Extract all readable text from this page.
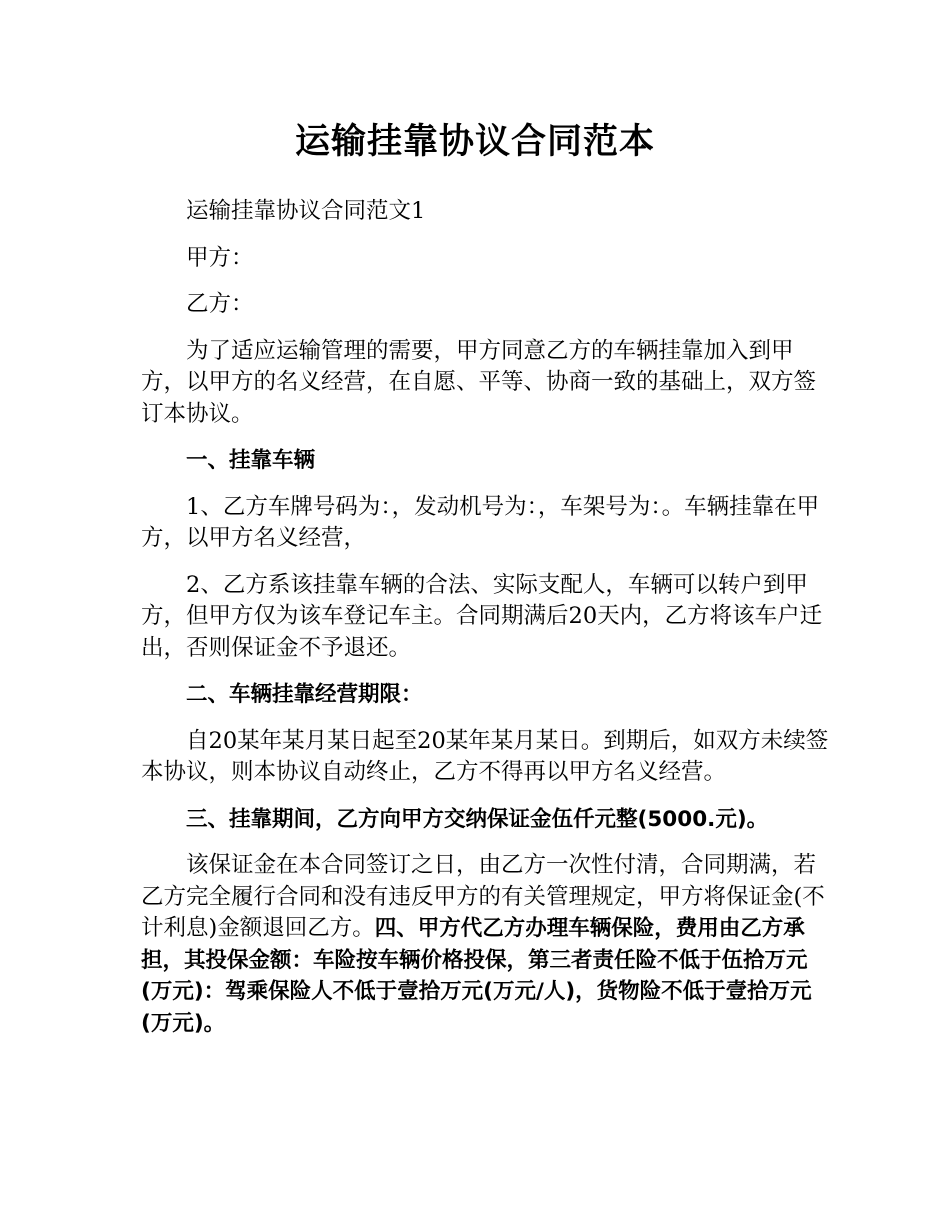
运输挂靠协议合同范本

运输挂靠协议合同范文1

甲方：

乙方：

为了适应运输管理的需要，甲方同意乙方的车辆挂靠加入到甲方，以甲方的名义经营，在自愿、平等、协商一致的基础上，双方签订本协议。

一、挂靠车辆

1、乙方车牌号码为：，发动机号为：，车架号为：。车辆挂靠在甲方，以甲方名义经营，

2、乙方系该挂靠车辆的合法、实际支配人，车辆可以转户到甲方，但甲方仅为该车登记车主。合同期满后20天内，乙方将该车户迁出，否则保证金不予退还。

二、车辆挂靠经营期限：

自20某年某月某日起至20某年某月某日。到期后，如双方未续签本协议，则本协议自动终止，乙方不得再以甲方名义经营。

三、挂靠期间，乙方向甲方交纳保证金伍仟元整(5000.元)。

该保证金在本合同签订之日，由乙方一次性付清，合同期满，若乙方完全履行合同和没有违反甲方的有关管理规定，甲方将保证金(不计利息)金额退回乙方。四、甲方代乙方办理车辆保险，费用由乙方承担，其投保金额：车险按车辆价格投保，第三者责任险不低于伍拾万元(万元)：驾乘保险人不低于壹拾万元(万元/人)，货物险不低于壹拾万元(万元)。
